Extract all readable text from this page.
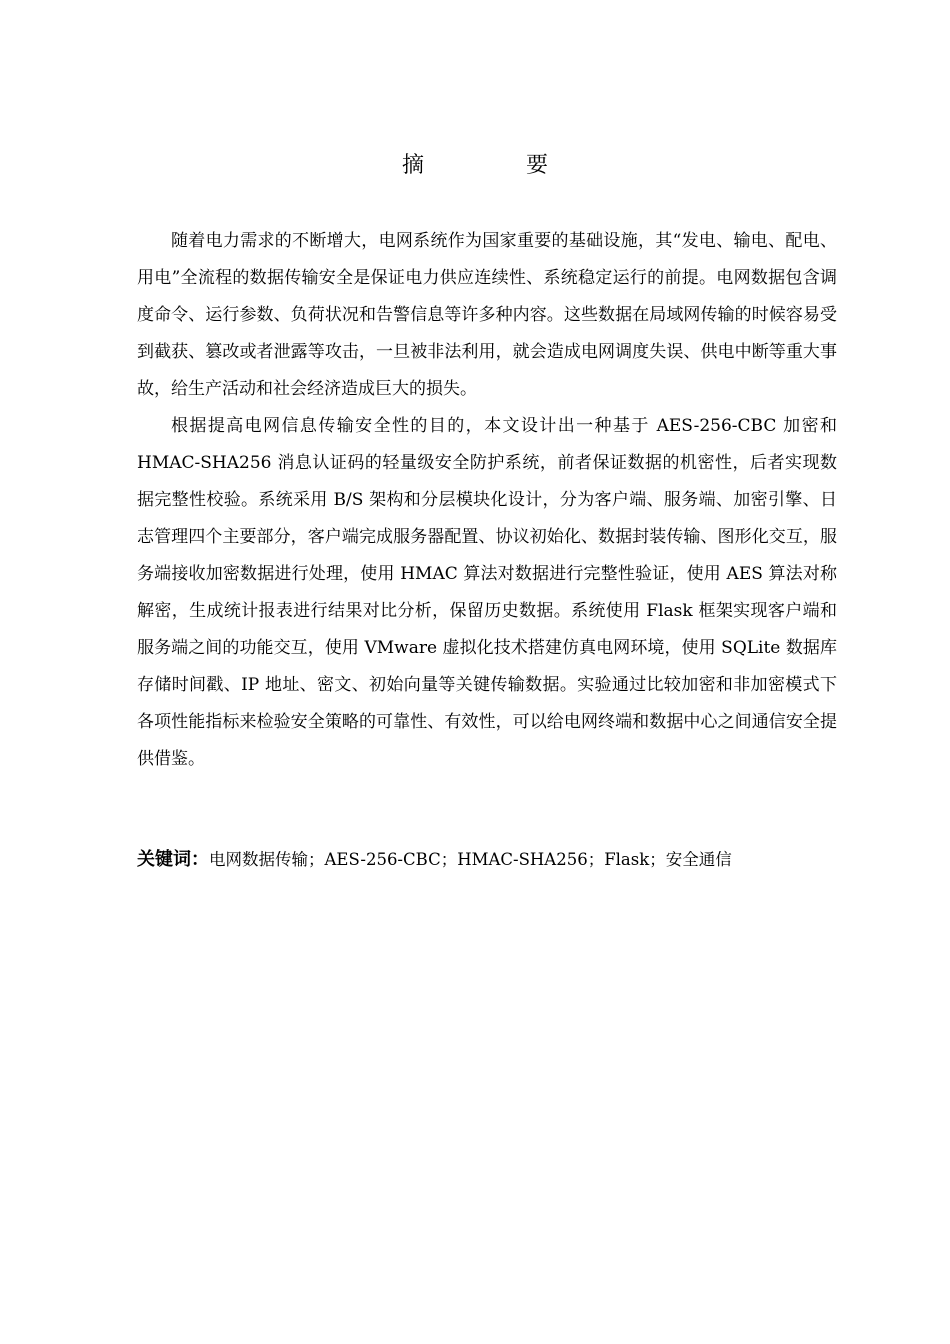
摘　要

随着电力需求的不断增大，电网系统作为国家重要的基础设施，其“发电、输电、配电、用电”全流程的数据传输安全是保证电力供应连续性、系统稳定运行的前提。电网数据包含调度命令、运行参数、负荷状况和告警信息等许多种内容。这些数据在局域网传输的时候容易受到截获、篡改或者泄露等攻击，一旦被非法利用，就会造成电网调度失误、供电中断等重大事故，给生产活动和社会经济造成巨大的损失。

根据提高电网信息传输安全性的目的，本文设计出一种基于 AES-256-CBC 加密和 HMAC-SHA256 消息认证码的轻量级安全防护系统，前者保证数据的机密性，后者实现数据完整性校验。系统采用 B/S 架构和分层模块化设计，分为客户端、服务端、加密引擎、日志管理四个主要部分，客户端完成服务器配置、协议初始化、数据封装传输、图形化交互，服务端接收加密数据进行处理，使用 HMAC 算法对数据进行完整性验证，使用 AES 算法对称解密，生成统计报表进行结果对比分析，保留历史数据。系统使用 Flask 框架实现客户端和服务端之间的功能交互，使用 VMware 虚拟化技术搭建仿真电网环境，使用 SQLite 数据库存储时间戳、IP 地址、密文、初始向量等关键传输数据。实验通过比较加密和非加密模式下各项性能指标来检验安全策略的可靠性、有效性，可以给电网终端和数据中心之间通信安全提供借鉴。

关键词：电网数据传输；AES-256-CBC；HMAC-SHA256；Flask；安全通信
